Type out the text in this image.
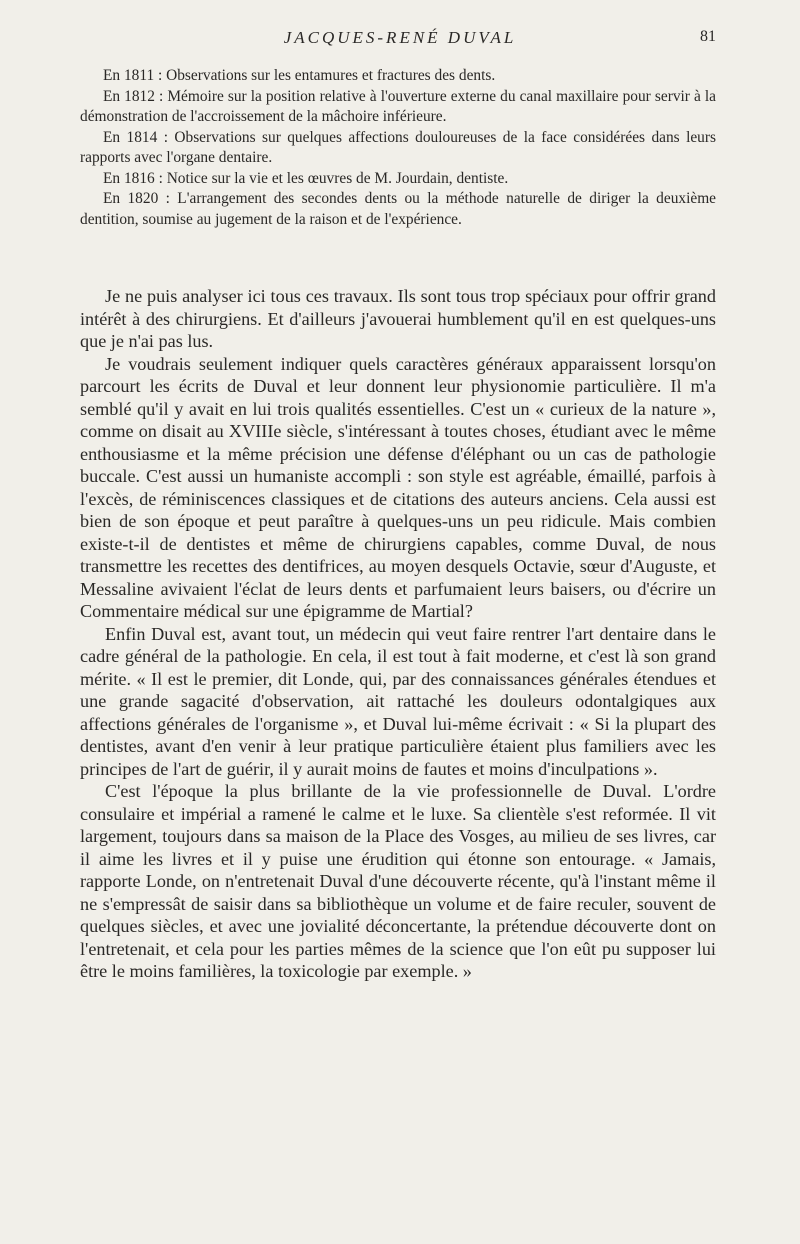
JACQUES-RENÉ DUVAL	81

En 1811 : Observations sur les entamures et fractures des dents.

En 1812 : Mémoire sur la position relative à l'ouverture externe du canal maxillaire pour servir à la démonstration de l'accroissement de la mâchoire inférieure.

En 1814 : Observations sur quelques affections douloureuses de la face considérées dans leurs rapports avec l'organe dentaire.

En 1816 : Notice sur la vie et les œuvres de M. Jourdain, dentiste.

En 1820 : L'arrangement des secondes dents ou la méthode naturelle de diriger la deuxième dentition, soumise au jugement de la raison et de l'expérience.

Je ne puis analyser ici tous ces travaux. Ils sont tous trop spéciaux pour offrir grand intérêt à des chirurgiens. Et d'ailleurs j'avouerai humblement qu'il en est quelques-uns que je n'ai pas lus.

Je voudrais seulement indiquer quels caractères généraux apparaissent lorsqu'on parcourt les écrits de Duval et leur donnent leur physionomie particulière. Il m'a semblé qu'il y avait en lui trois qualités essentielles. C'est un « curieux de la nature », comme on disait au XVIIIe siècle, s'intéressant à toutes choses, étudiant avec le même enthousiasme et la même précision une défense d'éléphant ou un cas de pathologie buccale. C'est aussi un humaniste accompli : son style est agréable, émaillé, parfois à l'excès, de réminiscences classiques et de citations des auteurs anciens. Cela aussi est bien de son époque et peut paraître à quelques-uns un peu ridicule. Mais combien existe-t-il de dentistes et même de chirurgiens capables, comme Duval, de nous transmettre les recettes des dentifrices, au moyen desquels Octavie, sœur d'Auguste, et Messaline avivaient l'éclat de leurs dents et parfumaient leurs baisers, ou d'écrire un Commentaire médical sur une épigramme de Martial?

Enfin Duval est, avant tout, un médecin qui veut faire rentrer l'art dentaire dans le cadre général de la pathologie. En cela, il est tout à fait moderne, et c'est là son grand mérite. « Il est le premier, dit Londe, qui, par des connaissances générales étendues et une grande sagacité d'observation, ait rattaché les douleurs odontalgiques aux affections générales de l'organisme », et Duval lui-même écrivait : « Si la plupart des dentistes, avant d'en venir à leur pratique particulière étaient plus familiers avec les principes de l'art de guérir, il y aurait moins de fautes et moins d'inculpations ».

C'est l'époque la plus brillante de la vie professionnelle de Duval. L'ordre consulaire et impérial a ramené le calme et le luxe. Sa clientèle s'est reformée. Il vit largement, toujours dans sa maison de la Place des Vosges, au milieu de ses livres, car il aime les livres et il y puise une érudition qui étonne son entourage. « Jamais, rapporte Londe, on n'entretenait Duval d'une découverte récente, qu'à l'instant même il ne s'empressât de saisir dans sa bibliothèque un volume et de faire reculer, souvent de quelques siècles, et avec une jovialité déconcertante, la prétendue découverte dont on l'entretenait, et cela pour les parties mêmes de la science que l'on eût pu supposer lui être le moins familières, la toxicologie par exemple. »
